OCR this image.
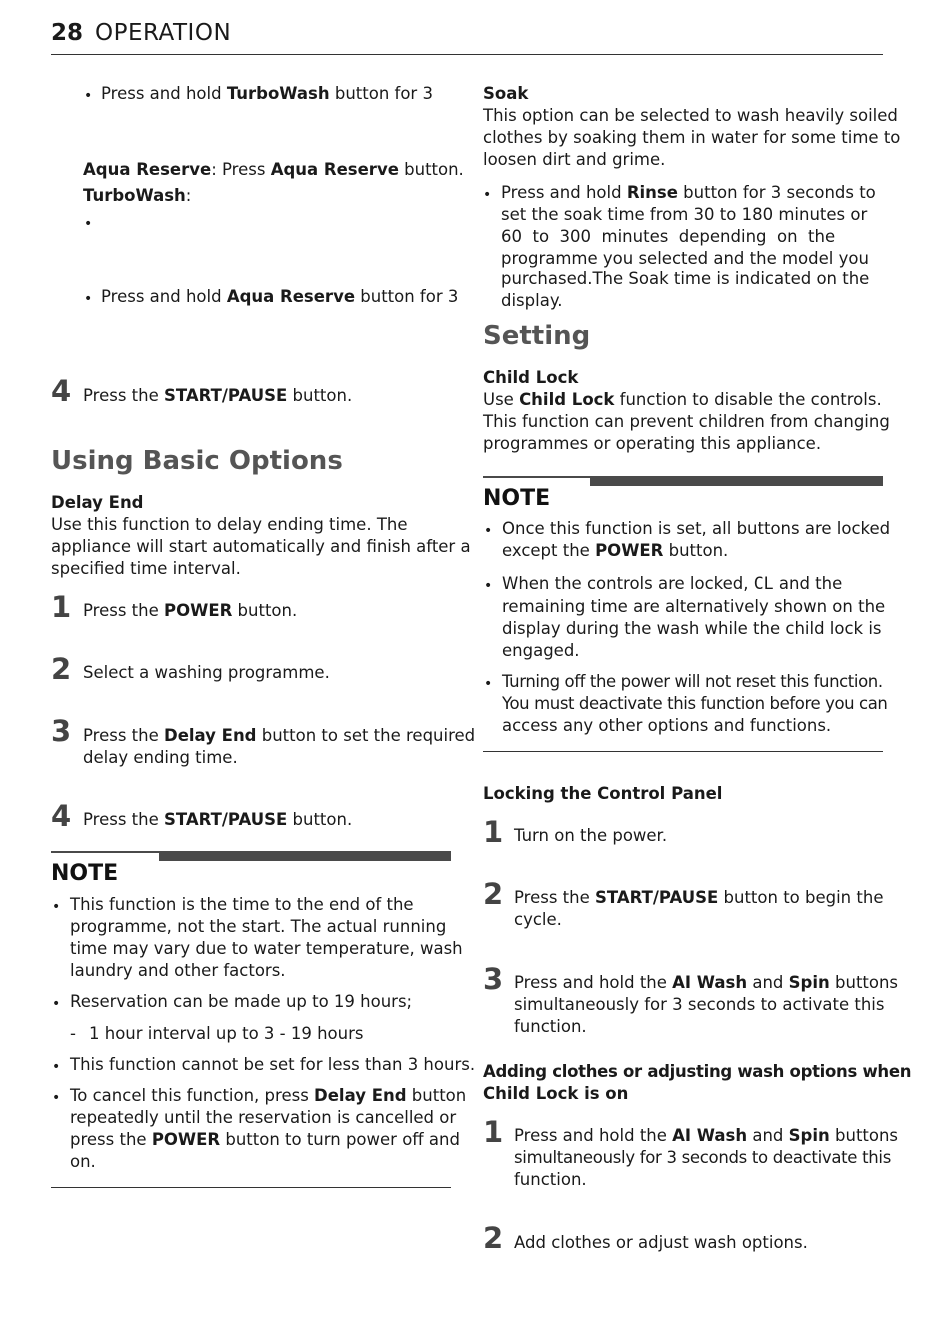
28 OPERATION
• Press and hold TurboWash button for 3
Aqua Reserve: Press Aqua Reserve button.
TurboWash:
•
• Press and hold Aqua Reserve button for 3
4 Press the START/PAUSE button.
Using Basic Options
Delay End
Use this function to delay ending time. The
appliance will start automatically and finish after a
specified time interval.
1 Press the POWER button.
2 Select a washing programme.
3 Press the Delay End button to set the required
delay ending time.
4 Press the START/PAUSE button.
NOTE
• This function is the time to the end of the
programme, not the start. The actual running
time may vary due to water temperature, wash
laundry and other factors.
• Reservation can be made up to 19 hours;
- 1 hour interval up to 3 - 19 hours
• This function cannot be set for less than 3 hours.
• To cancel this function, press Delay End button
repeatedly until the reservation is cancelled or
press the POWER button to turn power off and
on.
Soak
This option can be selected to wash heavily soiled
clothes by soaking them in water for some time to
loosen dirt and grime.
• Press and hold Rinse button for 3 seconds to
set the soak time from 30 to 180 minutes or
60  to  300  minutes  depending  on  the
programme you selected and the model you
purchased.The Soak time is indicated on the
display.
Setting
Child Lock
Use Child Lock function to disable the controls.
This function can prevent children from changing
programmes or operating this appliance.
NOTE
• Once this function is set, all buttons are locked
except the POWER button.
• When the controls are locked, CL and the
remaining time are alternatively shown on the
display during the wash while the child lock is
engaged.
• Turning off the power will not reset this function.
You must deactivate this function before you can
access any other options and functions.
Locking the Control Panel
1 Turn on the power.
2 Press the START/PAUSE button to begin the
cycle.
3 Press and hold the AI Wash and Spin buttons
simultaneously for 3 seconds to activate this
function.
Adding clothes or adjusting wash options when
Child Lock is on
1 Press and hold the AI Wash and Spin buttons
simultaneously for 3 seconds to deactivate this
function.
2 Add clothes or adjust wash options.
